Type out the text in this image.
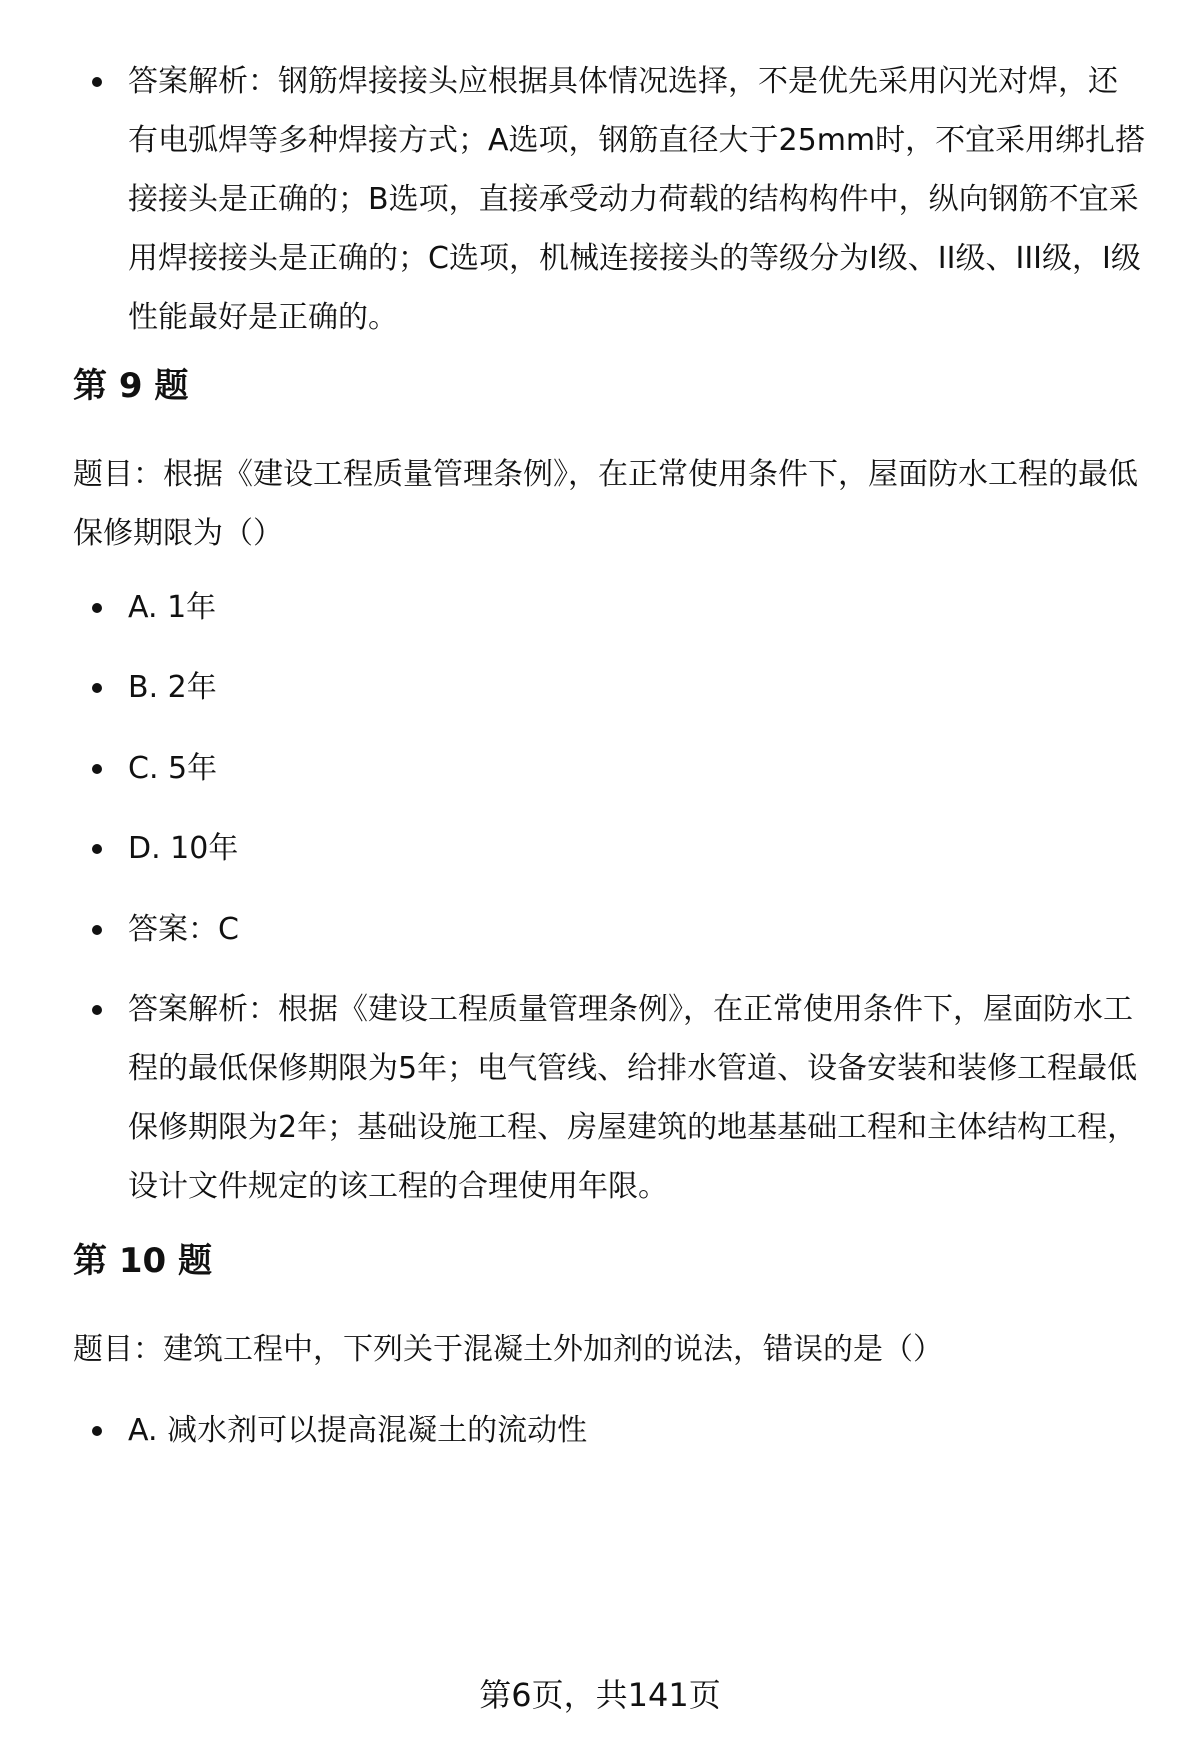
答案解析：钢筋焊接接头应根据具体情况选择，不是优先采用闪光对焊，还有电弧焊等多种焊接方式；A选项，钢筋直径大于25mm时，不宜采用绑扎搭接接头是正确的；B选项，直接承受动力荷载的结构构件中，纵向钢筋不宜采用焊接接头是正确的；C选项，机械连接接头的等级分为I级、II级、III级，I级性能最好是正确的。
第 9 题
题目：根据《建设工程质量管理条例》，在正常使用条件下，屋面防水工程的最低保修期限为（）
A. 1年
B. 2年
C. 5年
D. 10年
答案：C
答案解析：根据《建设工程质量管理条例》，在正常使用条件下，屋面防水工程的最低保修期限为5年；电气管线、给排水管道、设备安装和装修工程最低保修期限为2年；基础设施工程、房屋建筑的地基基础工程和主体结构工程，设计文件规定的该工程的合理使用年限。
第 10 题
题目：建筑工程中，下列关于混凝土外加剂的说法，错误的是（）
A. 减水剂可以提高混凝土的流动性
第6页，共141页
